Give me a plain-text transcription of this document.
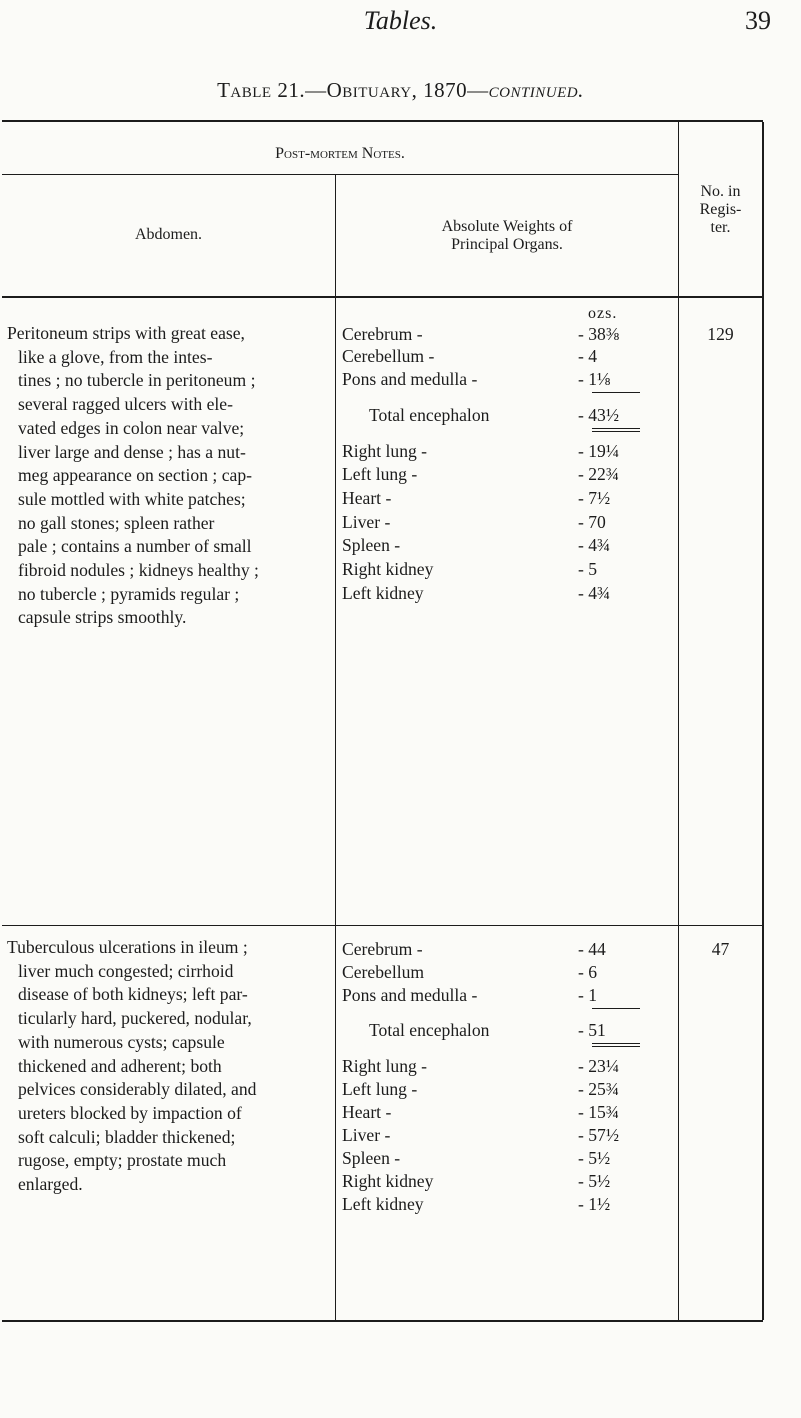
Tables.	39
Table 21.—Obituary, 1870—continued.
Post-mortem Notes.
Abdomen.	Absolute Weights of
Principal Organs.
No. in
Regis-
ter.
ozs.
Peritoneum strips with great ease,
like a glove, from the intes-
tines ; no tubercle in peritoneum ;
several ragged ulcers with ele-
vated edges in colon near valve;
liver large and dense ; has a nut-
meg appearance on section ; cap-
sule mottled with white patches;
no gall stones; spleen rather
pale ; contains a number of small
fibroid nodules ; kidneys healthy ;
no tubercle ; pyramids regular ;
capsule strips smoothly.
Cerebrum -	- 38⅜
Cerebellum -	- 4
Pons and medulla -	- 1⅛
Total encephalon	- 43½
Right lung -	- 19¼
Left lung -	- 22¾
Heart -	- 7½
Liver -	- 70
Spleen -	- 4¾
Right kidney	- 5
Left kidney	- 4¾
129
Tuberculous ulcerations in ileum ;
liver much congested; cirrhoid
disease of both kidneys; left par-
ticularly hard, puckered, nodular,
with numerous cysts; capsule
thickened and adherent; both
pelvices considerably dilated, and
ureters blocked by impaction of
soft calculi; bladder thickened;
rugose, empty; prostate much
enlarged.
Cerebrum -	- 44
Cerebellum	- 6
Pons and medulla -	- 1
Total encephalon	- 51
Right lung -	- 23¼
Left lung -	- 25¾
Heart -	- 15¾
Liver -	- 57½
Spleen -	- 5½
Right kidney	- 5½
Left kidney	- 1½
47
